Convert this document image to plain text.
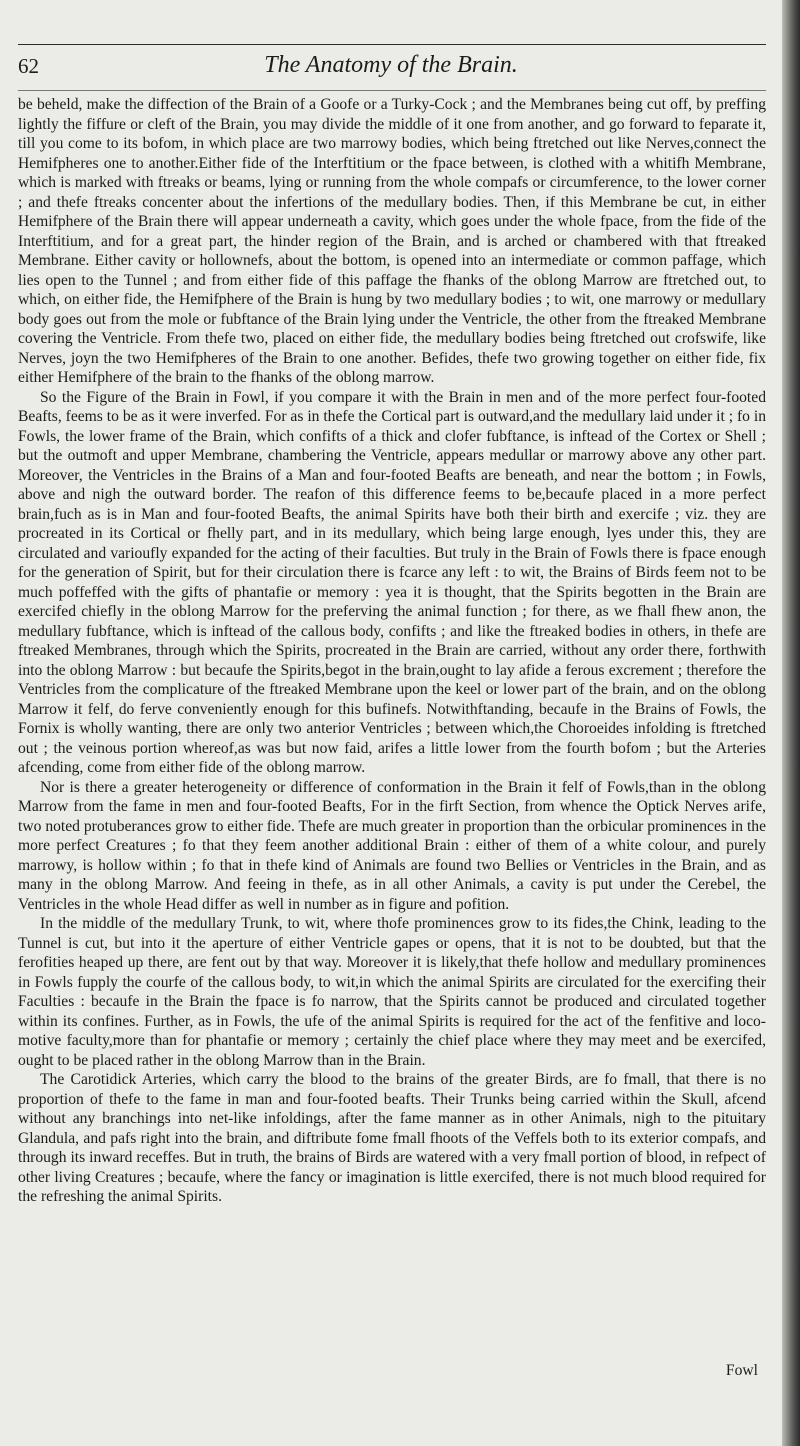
62	The Anatomy of the Brain.

be beheld, make the diffection of the Brain of a Goofe or a Turky-Cock ; and the Membranes being cut off, by preffing lightly the fiffure or cleft of the Brain, you may divide the middle of it one from another, and go forward to feparate it, till you come to its bofom, in which place are two marrowy bodies, which being ftretched out like Nerves,connect the Hemifpheres one to another.Either fide of the Interftitium or the fpace between, is clothed with a whitifh Membrane, which is marked with ftreaks or beams, lying or running from the whole compafs or circumference, to the lower corner ; and thefe ftreaks concenter about the infertions of the medullary bodies. Then, if this Membrane be cut, in either Hemifphere of the Brain there will appear underneath a cavity, which goes under the whole fpace, from the fide of the Interftitium, and for a great part, the hinder region of the Brain, and is arched or chambered with that ftreaked Membrane. Either cavity or hollownefs, about the bottom, is opened into an intermediate or common paffage, which lies open to the Tunnel ; and from either fide of this paffage the fhanks of the oblong Marrow are ftretched out, to which, on either fide, the Hemifphere of the Brain is hung by two medullary bodies ; to wit, one marrowy or medullary body goes out from the mole or fubftance of the Brain lying under the Ventricle, the other from the ftreaked Membrane covering the Ventricle. From thefe two, placed on either fide, the medullary bodies being ftretched out crofswife, like Nerves, joyn the two Hemifpheres of the Brain to one another. Befides, thefe two growing together on either fide, fix either Hemifphere of the brain to the fhanks of the oblong marrow.

So the Figure of the Brain in Fowl, if you compare it with the Brain in men and of the more perfect four-footed Beafts, feems to be as it were inverfed. For as in thefe the Cortical part is outward,and the medullary laid under it ; fo in Fowls, the lower frame of the Brain, which confifts of a thick and clofer fubftance, is inftead of the Cortex or Shell ; but the outmoft and upper Membrane, chambering the Ventricle, appears medullar or marrowy above any other part. Moreover, the Ventricles in the Brains of a Man and four-footed Beafts are beneath, and near the bottom ; in Fowls, above and nigh the outward border. The reafon of this difference feems to be,becaufe placed in a more perfect brain,fuch as is in Man and four-footed Beafts, the animal Spirits have both their birth and exercife ; viz. they are procreated in its Cortical or fhelly part, and in its medullary, which being large enough, lyes under this, they are circulated and varioufly expanded for the acting of their faculties. But truly in the Brain of Fowls there is fpace enough for the generation of Spirit, but for their circulation there is fcarce any left : to wit, the Brains of Birds feem not to be much poffeffed with the gifts of phantafie or memory : yea it is thought, that the Spirits begotten in the Brain are exercifed chiefly in the oblong Marrow for the preferving the animal function ; for there, as we fhall fhew anon, the medullary fubftance, which is inftead of the callous body, confifts ; and like the ftreaked bodies in others, in thefe are ftreaked Membranes, through which the Spirits, procreated in the Brain are carried, without any order there, forthwith into the oblong Marrow : but becaufe the Spirits,begot in the brain,ought to lay afide a ferous excrement ; therefore the Ventricles from the complicature of the ftreaked Membrane upon the keel or lower part of the brain, and on the oblong Marrow it felf, do ferve conveniently enough for this bufinefs. Notwithftanding, becaufe in the Brains of Fowls, the Fornix is wholly wanting, there are only two anterior Ventricles ; between which,the Choroeides infolding is ftretched out ; the veinous portion whereof,as was but now faid, arifes a little lower from the fourth bofom ; but the Arteries afcending, come from either fide of the oblong marrow.

Nor is there a greater heterogeneity or difference of conformation in the Brain it felf of Fowls,than in the oblong Marrow from the fame in men and four-footed Beafts, For in the firft Section, from whence the Optick Nerves arife, two noted protuberances grow to either fide. Thefe are much greater in proportion than the orbicular prominences in the more perfect Creatures ; fo that they feem another additional Brain : either of them of a white colour, and purely marrowy, is hollow within ; fo that in thefe kind of Animals are found two Bellies or Ventricles in the Brain, and as many in the oblong Marrow. And feeing in thefe, as in all other Animals, a cavity is put under the Cerebel, the Ventricles in the whole Head differ as well in number as in figure and pofition.

In the middle of the medullary Trunk, to wit, where thofe prominences grow to its fides,the Chink, leading to the Tunnel is cut, but into it the aperture of either Ventricle gapes or opens, that it is not to be doubted, but that the ferofities heaped up there, are fent out by that way. Moreover it is likely,that thefe hollow and medullary prominences in Fowls fupply the courfe of the callous body, to wit,in which the animal Spirits are circulated for the exercifing their Faculties : becaufe in the Brain the fpace is fo narrow, that the Spirits cannot be produced and circulated together within its confines. Further, as in Fowls, the ufe of the animal Spirits is required for the act of the fenfitive and loco-motive faculty,more than for phantafie or memory ; certainly the chief place where they may meet and be exercifed, ought to be placed rather in the oblong Marrow than in the Brain.

The Carotidick Arteries, which carry the blood to the brains of the greater Birds, are fo fmall, that there is no proportion of thefe to the fame in man and four-footed beafts. Their Trunks being carried within the Skull, afcend without any branchings into net-like infoldings, after the fame manner as in other Animals, nigh to the pituitary Glandula, and pafs right into the brain, and diftribute fome fmall fhoots of the Veffels both to its exterior compafs, and through its inward receffes. But in truth, the brains of Birds are watered with a very fmall portion of blood, in refpect of other living Creatures ; becaufe, where the fancy or imagination is little exercifed, there is not much blood required for the refreshing the animal Spirits.

Fowl
